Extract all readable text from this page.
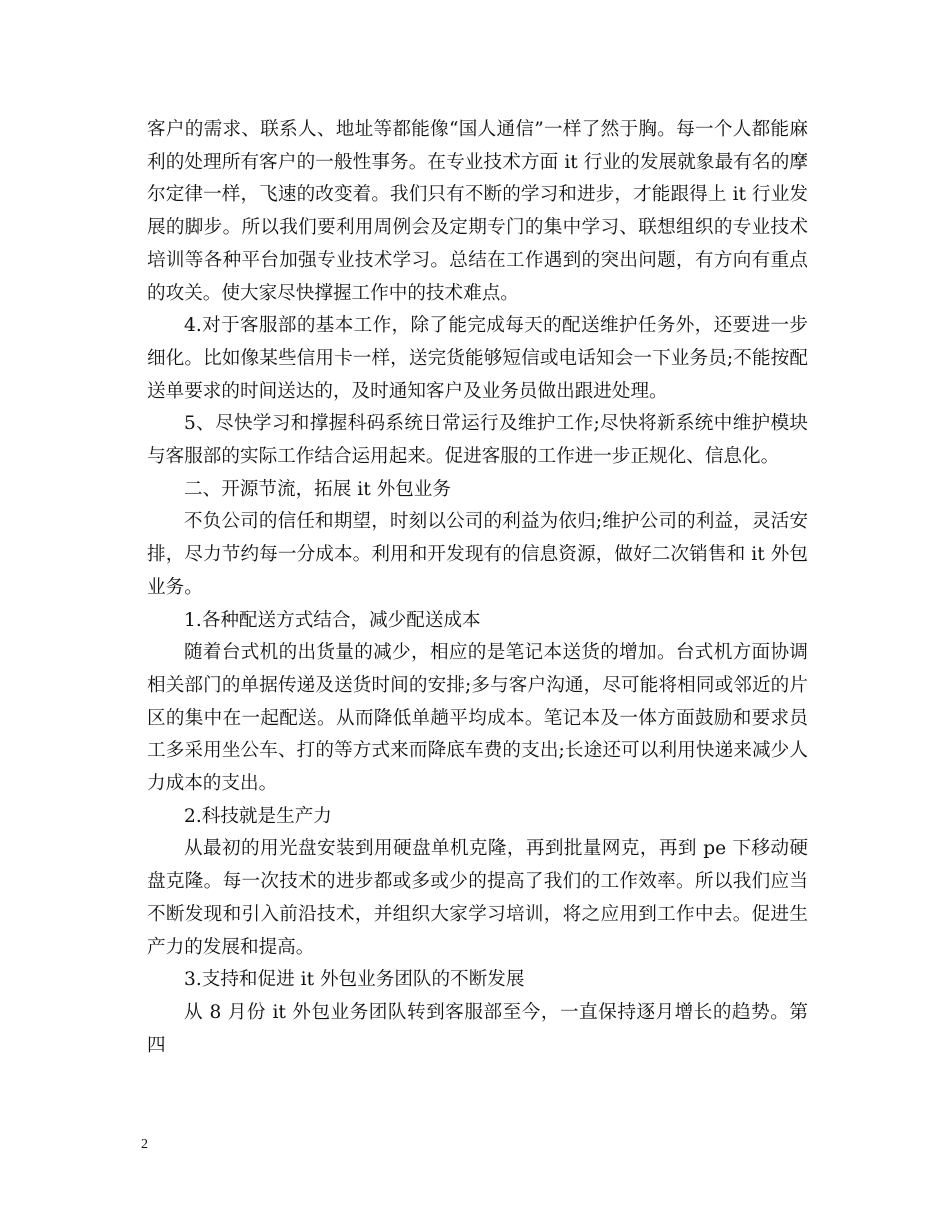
客户的需求、联系人、地址等都能像“国人通信”一样了然于胸。每一个人都能麻利的处理所有客户的一般性事务。在专业技术方面 it 行业的发展就象最有名的摩尔定律一样，飞速的改变着。我们只有不断的学习和进步，才能跟得上 it 行业发展的脚步。所以我们要利用周例会及定期专门的集中学习、联想组织的专业技术培训等各种平台加强专业技术学习。总结在工作遇到的突出问题，有方向有重点的攻关。使大家尽快撑握工作中的技术难点。

4.对于客服部的基本工作，除了能完成每天的配送维护任务外，还要进一步细化。比如像某些信用卡一样，送完货能够短信或电话知会一下业务员;不能按配送单要求的时间送达的，及时通知客户及业务员做出跟进处理。

5、尽快学习和撑握科码系统日常运行及维护工作;尽快将新系统中维护模块与客服部的实际工作结合运用起来。促进客服的工作进一步正规化、信息化。

二、开源节流，拓展 it 外包业务

不负公司的信任和期望，时刻以公司的利益为依归;维护公司的利益，灵活安排，尽力节约每一分成本。利用和开发现有的信息资源，做好二次销售和 it 外包业务。

1.各种配送方式结合，减少配送成本

随着台式机的出货量的减少，相应的是笔记本送货的增加。台式机方面协调相关部门的单据传递及送货时间的安排;多与客户沟通，尽可能将相同或邻近的片区的集中在一起配送。从而降低单趟平均成本。笔记本及一体方面鼓励和要求员工多采用坐公车、打的等方式来而降底车费的支出;长途还可以利用快递来减少人力成本的支出。

2.科技就是生产力

从最初的用光盘安装到用硬盘单机克隆，再到批量网克，再到 pe 下移动硬盘克隆。每一次技术的进步都或多或少的提高了我们的工作效率。所以我们应当不断发现和引入前沿技术，并组织大家学习培训，将之应用到工作中去。促进生产力的发展和提高。

3.支持和促进 it 外包业务团队的不断发展

从 8 月份 it 外包业务团队转到客服部至今，一直保持逐月增长的趋势。第四

2
